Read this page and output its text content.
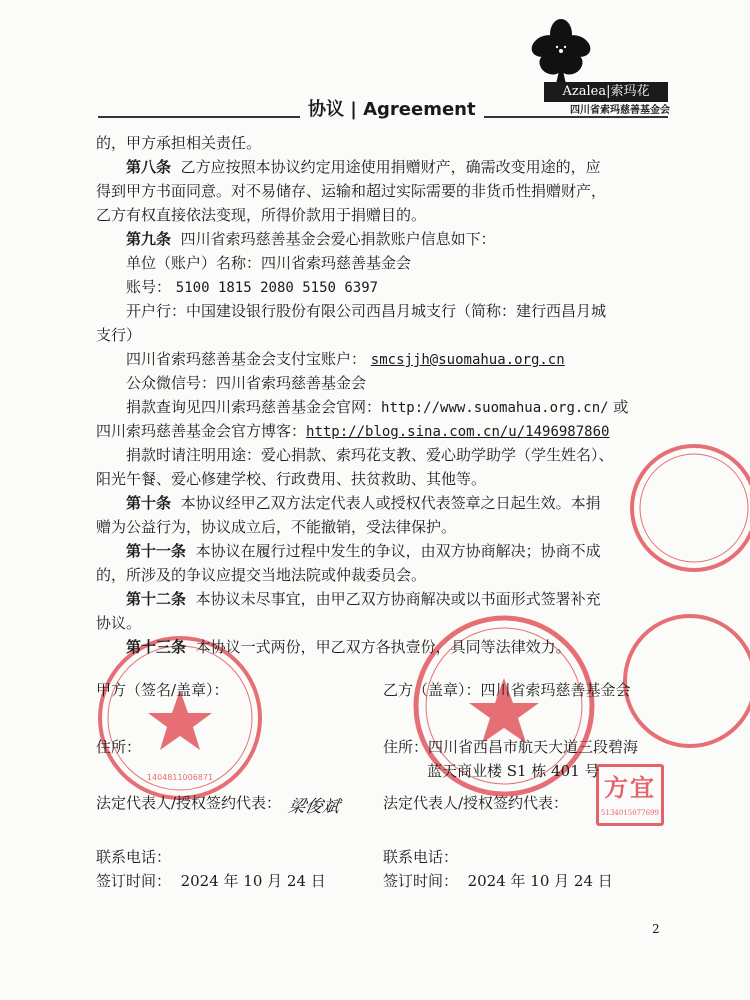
Azalea|索玛花
四川省索玛慈善基金会
协议 | Agreement
1404811006871	方宜
5134015077699
的，甲方承担相关责任。
第八条 乙方应按照本协议约定用途使用捐赠财产，确需改变用途的，应
得到甲方书面同意。对不易储存、运输和超过实际需要的非货币性捐赠财产，
乙方有权直接依法变现，所得价款用于捐赠目的。
第九条 四川省索玛慈善基金会爱心捐款账户信息如下：
单位（账户）名称：四川省索玛慈善基金会
账号： 5100 1815 2080 5150 6397
开户行：中国建设银行股份有限公司西昌月城支行（简称：建行西昌月城
支行）
四川省索玛慈善基金会支付宝账户： smcsjjh@suomahua.org.cn
公众微信号：四川省索玛慈善基金会
捐款查询见四川索玛慈善基金会官网：http://www.suomahua.org.cn/ 或
四川索玛慈善基金会官方博客：http://blog.sina.com.cn/u/1496987860
捐款时请注明用途：爱心捐款、索玛花支教、爱心助学助学（学生姓名）、
阳光午餐、爱心修建学校、行政费用、扶贫救助、其他等。
第十条 本协议经甲乙双方法定代表人或授权代表签章之日起生效。本捐
赠为公益行为，协议成立后，不能撤销，受法律保护。
第十一条 本协议在履行过程中发生的争议，由双方协商解决；协商不成
的，所涉及的争议应提交当地法院或仲裁委员会。
第十二条 本协议未尽事宜，由甲乙双方协商解决或以书面形式签署补充
协议。
第十三条 本协议一式两份，甲乙双方各执壹份，具同等法律效力。
甲方（签名/盖章）：
住所：
法定代表人/授权签约代表： 梁俊斌
联系电话：
签订时间： 2024 年 10 月 24 日
乙方（盖章）：四川省索玛慈善基金会
住所：四川省西昌市航天大道三段碧海
蓝天商业楼 S1 栋 401 号
法定代表人/授权签约代表：
联系电话：
签订时间： 2024 年 10 月 24 日
2
